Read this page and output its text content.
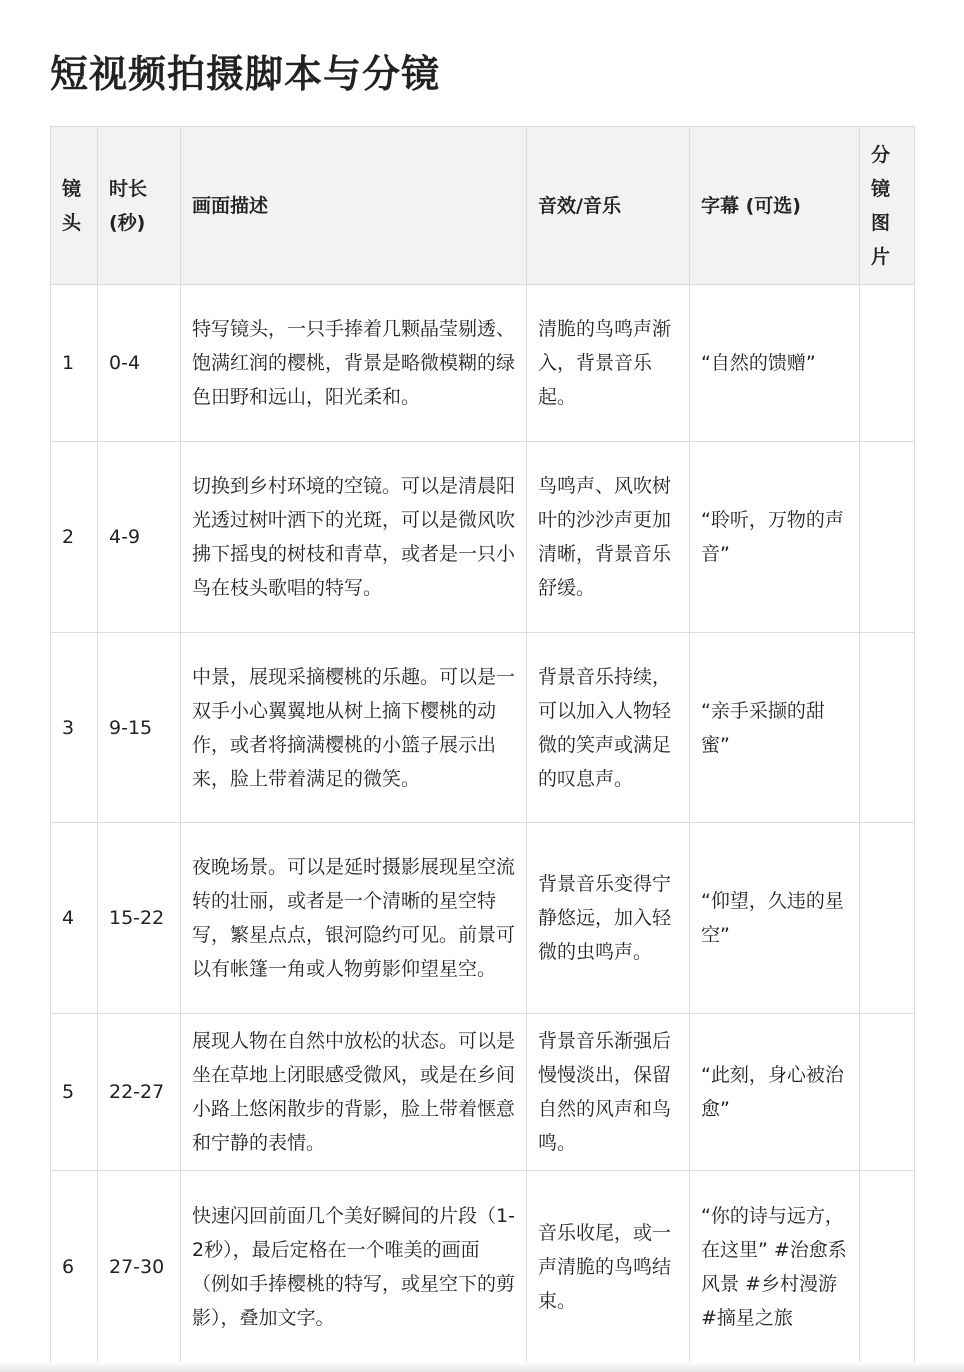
短视频拍摄脚本与分镜
镜头	时长 (秒)	画面描述	音效/音乐	字幕 (可选)	分镜图片
1	0-4	特写镜头，一只手捧着几颗晶莹剔透、饱满红润的樱桃，背景是略微模糊的绿色田野和远山，阳光柔和。	清脆的鸟鸣声渐入，背景音乐起。	“自然的馈赠”	
2	4-9	切换到乡村环境的空镜。可以是清晨阳光透过树叶洒下的光斑，可以是微风吹拂下摇曳的树枝和青草，或者是一只小鸟在枝头歌唱的特写。	鸟鸣声、风吹树叶的沙沙声更加清晰，背景音乐舒缓。	“聆听，万物的声音”	
3	9-15	中景，展现采摘樱桃的乐趣。可以是一双手小心翼翼地从树上摘下樱桃的动作，或者将摘满樱桃的小篮子展示出来，脸上带着满足的微笑。	背景音乐持续，可以加入人物轻微的笑声或满足的叹息声。	“亲手采撷的甜蜜”	
4	15-22	夜晚场景。可以是延时摄影展现星空流转的壮丽，或者是一个清晰的星空特写，繁星点点，银河隐约可见。前景可以有帐篷一角或人物剪影仰望星空。	背景音乐变得宁静悠远，加入轻微的虫鸣声。	“仰望，久违的星空”	
5	22-27	展现人物在自然中放松的状态。可以是坐在草地上闭眼感受微风，或是在乡间小路上悠闲散步的背影，脸上带着惬意和宁静的表情。	背景音乐渐强后慢慢淡出，保留自然的风声和鸟鸣。	“此刻，身心被治愈”	
6	27-30	快速闪回前面几个美好瞬间的片段（1-2秒），最后定格在一个唯美的画面（例如手捧樱桃的特写，或星空下的剪影），叠加文字。	音乐收尾，或一声清脆的鸟鸣结束。	“你的诗与远方，在这里” #治愈系风景 #乡村漫游 #摘星之旅	
